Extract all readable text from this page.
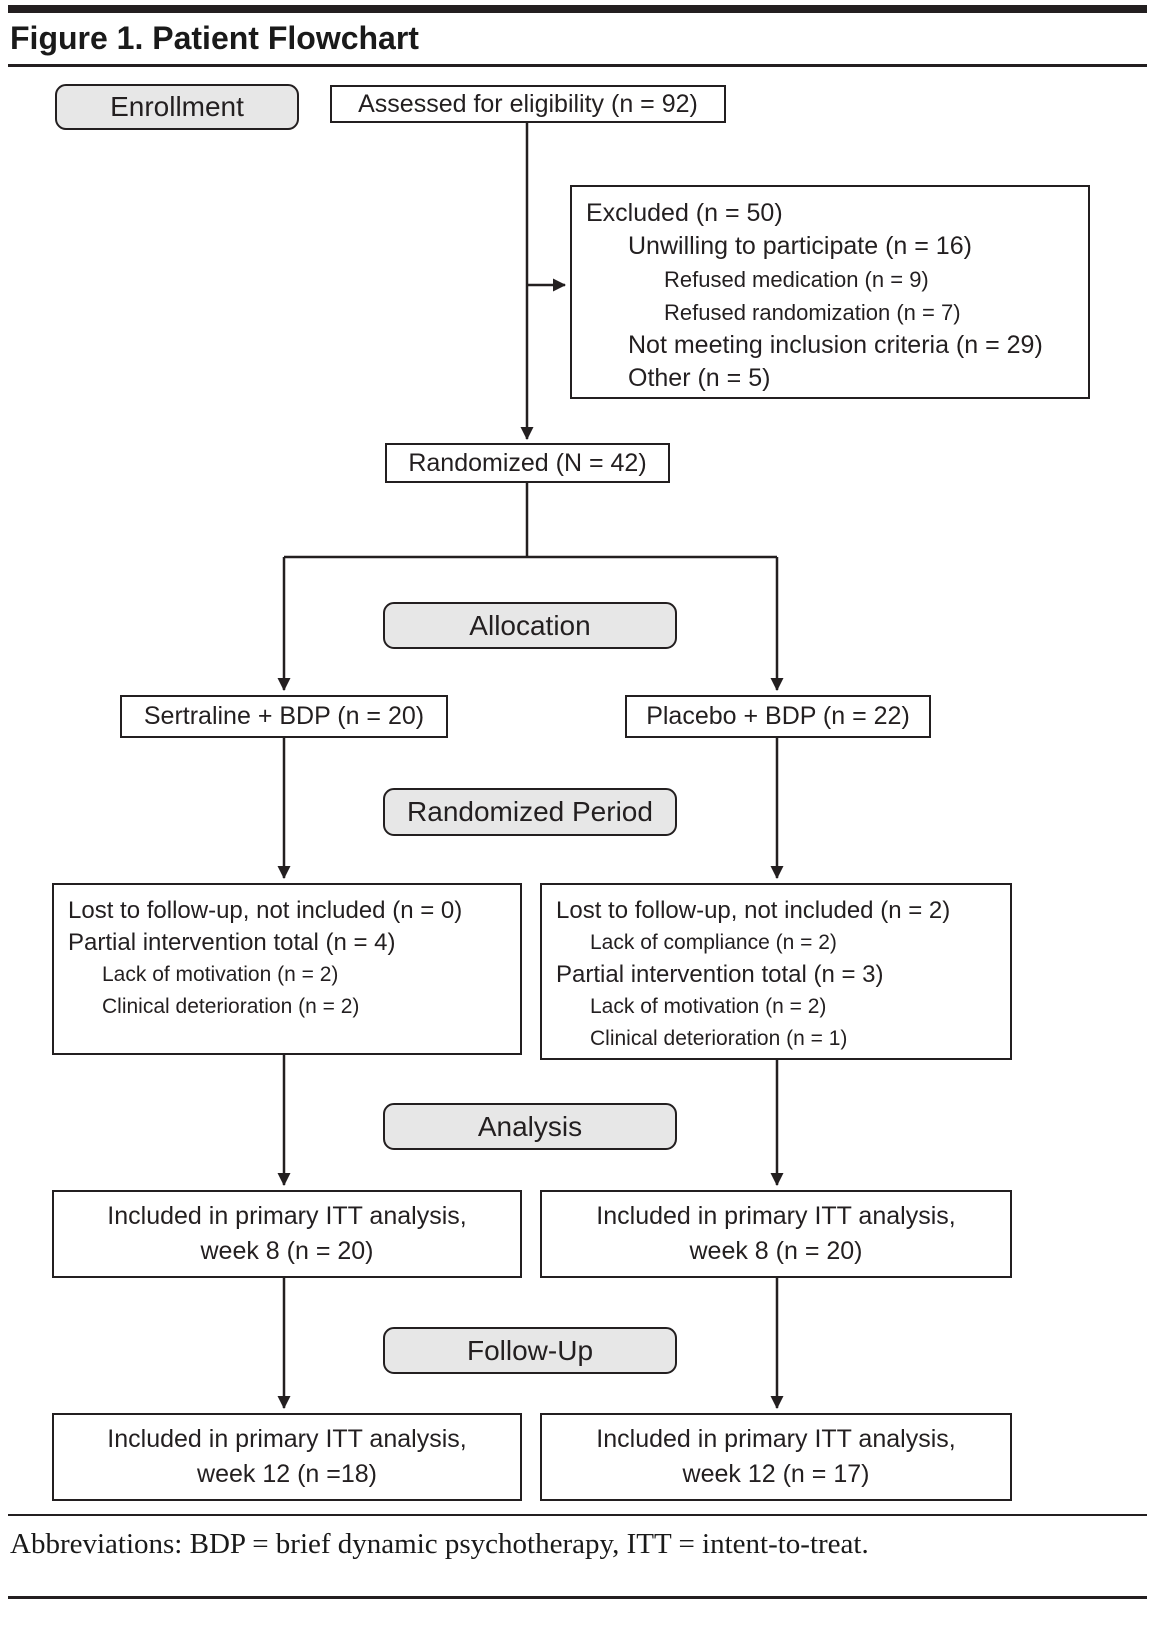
Figure 1. Patient Flowchart
Enrollment
Allocation
Randomized Period
Analysis
Follow-Up
Assessed for eligibility (n = 92)
Excluded (n = 50)
Unwilling to participate (n = 16)
Refused medication (n = 9)
Refused randomization (n = 7)
Not meeting inclusion criteria (n = 29)
Other (n = 5)
Randomized (N = 42)
Sertraline + BDP (n = 20)	Placebo + BDP (n = 22)
Lost to follow-up, not included (n = 0)
Partial intervention total (n = 4)
Lack of motivation (n = 2)
Clinical deterioration (n = 2)
Lost to follow-up, not included (n = 2)
Lack of compliance (n = 2)
Partial intervention total (n = 3)
Lack of motivation (n = 2)
Clinical deterioration (n = 1)
Included in primary ITT analysis,
week 8 (n = 20)
Included in primary ITT analysis,
week 8 (n = 20)
Included in primary ITT analysis,
week 12 (n =18)
Included in primary ITT analysis,
week 12 (n = 17)
Abbreviations: BDP = brief dynamic psychotherapy, ITT = intent-to-treat.
